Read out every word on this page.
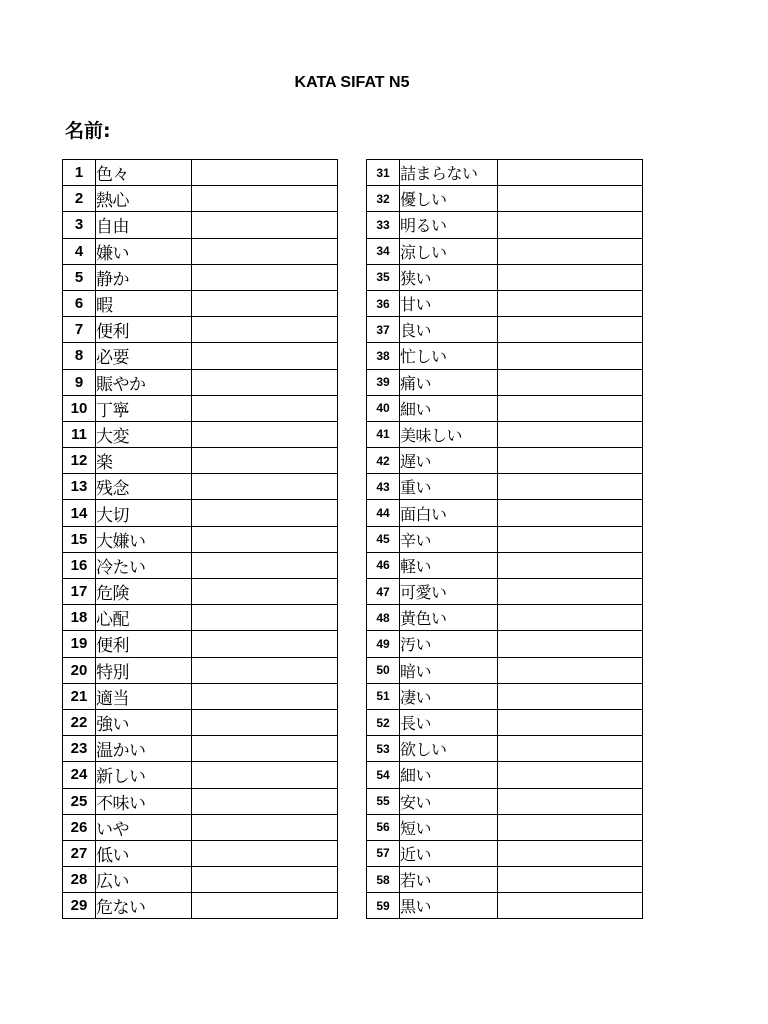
KATA SIFAT N5
名前:
1	色々	
2	熱心	
3	自由	
4	嫌い	
5	静か	
6	暇	
7	便利	
8	必要	
9	賑やか	
10	丁寧	
11	大変	
12	楽	
13	残念	
14	大切	
15	大嫌い	
16	冷たい	
17	危険	
18	心配	
19	便利	
20	特別	
21	適当	
22	強い	
23	温かい	
24	新しい	
25	不味い	
26	いや	
27	低い	
28	広い	
29	危ない	
31	詰まらない	
32	優しい	
33	明るい	
34	涼しい	
35	狭い	
36	甘い	
37	良い	
38	忙しい	
39	痛い	
40	細い	
41	美味しい	
42	遅い	
43	重い	
44	面白い	
45	辛い	
46	軽い	
47	可愛い	
48	黄色い	
49	汚い	
50	暗い	
51	凄い	
52	長い	
53	欲しい	
54	細い	
55	安い	
56	短い	
57	近い	
58	若い	
59	黒い	
